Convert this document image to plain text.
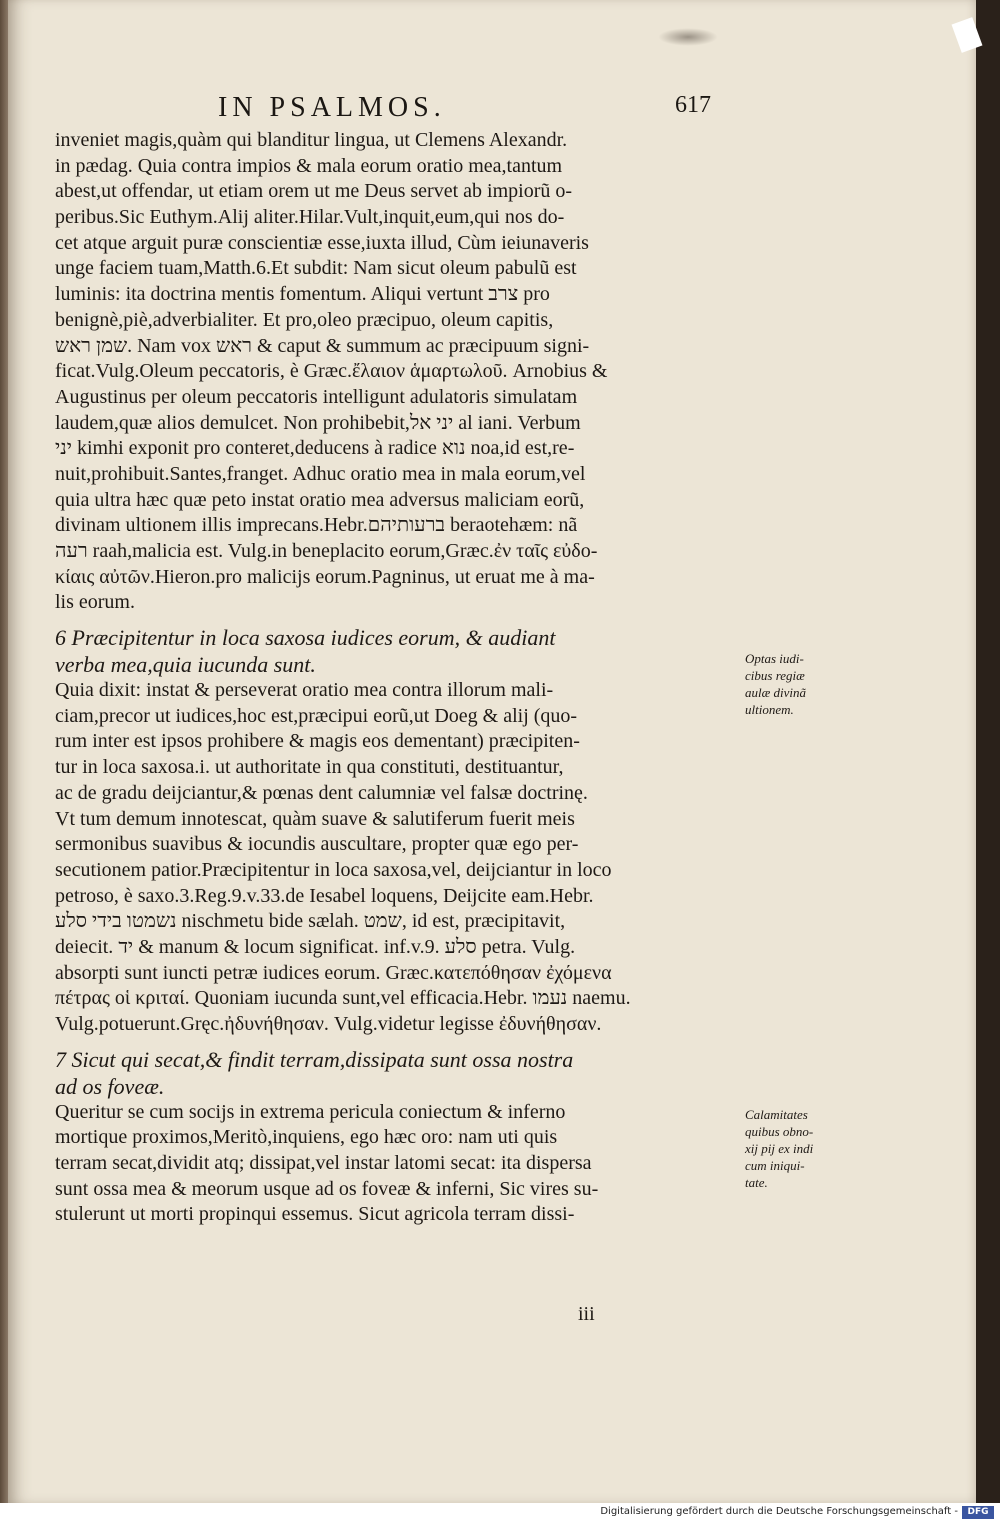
IN PSALMOS.	617
inveniet magis,quàm qui blanditur lingua, ut Clemens Alexandr.
in pædag. Quia contra impios & mala eorum oratio mea,tantum
abest,ut offendar, ut etiam orem ut me Deus servet ab impiorũ o-
peribus.Sic Euthym.Alij aliter.Hilar.Vult,inquit,eum,qui nos do-
cet atque arguit puræ conscientiæ esse,iuxta illud, Cùm ieiunaveris
unge faciem tuam,Matth.6.Et subdit: Nam sicut oleum pabulũ est
luminis: ita doctrina mentis fomentum. Aliqui vertunt צרב pro
benignè,piè,adverbialiter. Et pro,oleo præcipuo, oleum capitis,
שמן ראש. Nam vox ראש & caput & summum ac præcipuum signi-
ficat.Vulg.Oleum peccatoris, è Græc.ἔλαιον ἁμαρτωλοῦ. Arnobius &
Augustinus per oleum peccatoris intelligunt adulatoris simulatam
laudem,quæ alios demulcet. Non prohibebit,יני אל al iani. Verbum
יני kimhi exponit pro conteret,deducens à radice נוא noa,id est,re-
nuit,prohibuit.Santes,franget. Adhuc oratio mea in mala eorum,vel
quia ultra hæc quæ peto instat oratio mea adversus maliciam eorũ,
divinam ultionem illis imprecans.Hebr.ברעותיהם beraotehæm: nã
רעה raah,malicia est. Vulg.in beneplacito eorum,Græc.ἐν ταῖς εὐδο-
κίαις αὐτῶν.Hieron.pro malicijs eorum.Pagninus, ut eruat me à ma-
lis eorum.
6 Præcipitentur in loca saxosa iudices eorum, & audiant
verba mea,quia iucunda sunt.
Quia dixit: instat & perseverat oratio mea contra illorum mali-
ciam,precor ut iudices,hoc est,præcipui eorũ,ut Doeg & alij (quo-
rum inter est ipsos prohibere & magis eos dementant) præcipiten-
tur in loca saxosa.i. ut authoritate in qua constituti, destituantur,
ac de gradu deijciantur,& pœnas dent calumniæ vel falsæ doctrinę.
Vt tum demum innotescat, quàm suave & salutiferum fuerit meis
sermonibus suavibus & iocundis auscultare, propter quæ ego per-
secutionem patior.Præcipitentur in loca saxosa,vel, deijciantur in loco
petroso, è saxo.3.Reg.9.v.33.de Iesabel loquens, Deijcite eam.Hebr.
נשמטו בידי סלע nischmetu bide sælah. שמט, id est, præcipitavit,
deiecit. יד & manum & locum significat. inf.v.9. סלע petra. Vulg.
absorpti sunt iuncti petræ iudices eorum. Græc.κατεπόθησαν ἐχόμενα
πέτρας οἱ κριταί. Quoniam iucunda sunt,vel efficacia.Hebr. נעמו naemu.
Vulg.potuerunt.Gręc.ἠδυνήθησαν. Vulg.videtur legisse ἐδυνήθησαν.
7 Sicut qui secat,& findit terram,dissipata sunt ossa nostra
ad os foveæ.
Queritur se cum socijs in extrema pericula coniectum & inferno
mortique proximos,Meritò,inquiens, ego hæc oro: nam uti quis
terram secat,dividit atq; dissipat,vel instar latomi secat: ita dispersa
sunt ossa mea & meorum usque ad os foveæ & inferni, Sic vires su-
stulerunt ut morti propinqui essemus. Sicut agricola terram dissi-
Optas iudi-
cibus regiæ
aulæ divinã
ultionem.
Calamitates
quibus obno-
xij pij ex indi
cum iniqui-
tate.
iii
Digitalisierung gefördert durch die Deutsche Forschungsgemeinschaft -	DFG
